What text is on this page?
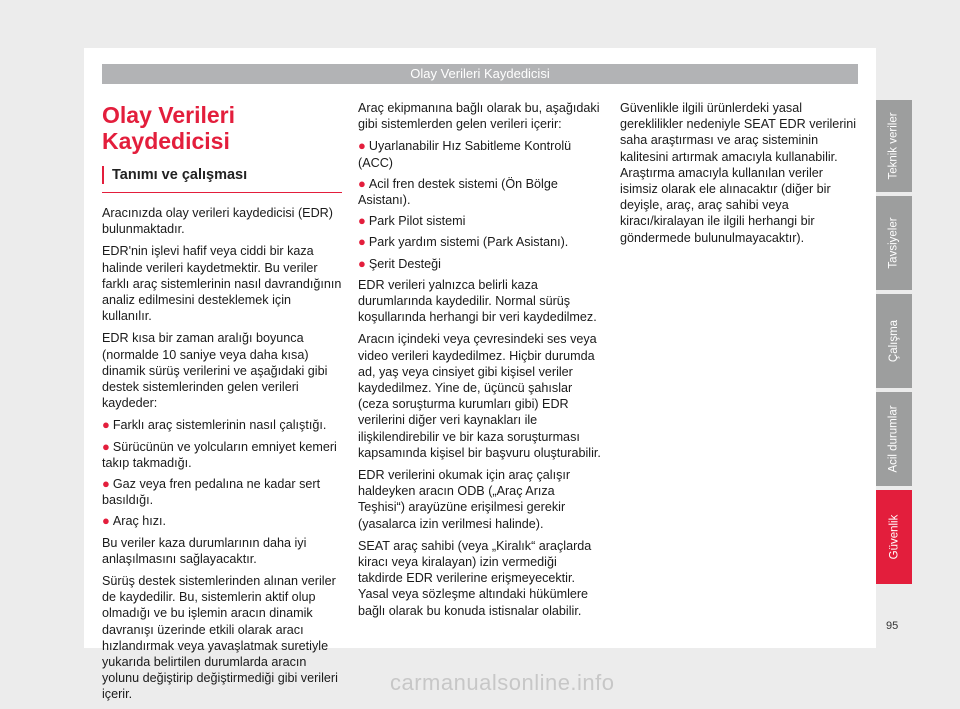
Olay Verileri Kaydedicisi
Olay Verileri Kaydedicisi
Tanımı ve çalışması

Aracınızda olay verileri kaydedicisi (EDR) bulunmaktadır.

EDR'nin işlevi hafif veya ciddi bir kaza halinde verileri kaydetmektir. Bu veriler farklı araç sistemlerinin nasıl davrandığının analiz edilmesini desteklemek için kullanılır.

EDR kısa bir zaman aralığı boyunca (normalde 10 saniye veya daha kısa) dinamik sürüş verilerini ve aşağıdaki gibi destek sistemlerinden gelen verileri kaydeder:

● Farklı araç sistemlerinin nasıl çalıştığı.
● Sürücünün ve yolcuların emniyet kemeri takıp takmadığı.
● Gaz veya fren pedalına ne kadar sert basıldığı.
● Araç hızı.

Bu veriler kaza durumlarının daha iyi anlaşılmasını sağlayacaktır.

Sürüş destek sistemlerinden alınan veriler de kaydedilir. Bu, sistemlerin aktif olup olmadığı ve bu işlemin aracın dinamik davranışı üzerinde etkili olarak aracı hızlandırmak veya yavaşlatmak suretiyle yukarıda belirtilen durumlarda aracın yolunu değiştirip değiştirmediği gibi verileri içerir.

Araç ekipmanına bağlı olarak bu, aşağıdaki gibi sistemlerden gelen verileri içerir:

● Uyarlanabilir Hız Sabitleme Kontrolü (ACC)
● Acil fren destek sistemi (Ön Bölge Asistanı).
● Park Pilot sistemi
● Park yardım sistemi (Park Asistanı).
● Şerit Desteği

EDR verileri yalnızca belirli kaza durumlarında kaydedilir. Normal sürüş koşullarında herhangi bir veri kaydedilmez.

Aracın içindeki veya çevresindeki ses veya video verileri kaydedilmez. Hiçbir durumda ad, yaş veya cinsiyet gibi kişisel veriler kaydedilmez. Yine de, üçüncü şahıslar (ceza soruşturma kurumları gibi) EDR verilerini diğer veri kaynakları ile ilişkilendirebilir ve bir kaza soruşturması kapsamında kişisel bir başvuru oluşturabilir.

EDR verilerini okumak için araç çalışır haldeyken aracın ODB („Araç Arıza Teşhisi“) arayüzüne erişilmesi gerekir (yasalarca izin verilmesi halinde).

SEAT araç sahibi (veya „Kiralık“ araçlarda kiracı veya kiralayan) izin vermediği takdirde EDR verilerine erişmeyecektir. Yasal veya sözleşme altındaki hükümlere bağlı olarak bu konuda istisnalar olabilir.

Güvenlikle ilgili ürünlerdeki yasal gereklilikler nedeniyle SEAT EDR verilerini saha araştırması ve araç sisteminin kalitesini artırmak amacıyla kullanabilir. Araştırma amacıyla kullanılan veriler isimsiz olarak ele alınacaktır (diğer bir deyişle, araç, araç sahibi veya kiracı/kiralayan ile ilgili herhangi bir göndermede bulunulmayacaktır).

Teknik veriler
Tavsiyeler
Çalışma
Acil durumlar
Güvenlik
95
carmanualsonline.info
